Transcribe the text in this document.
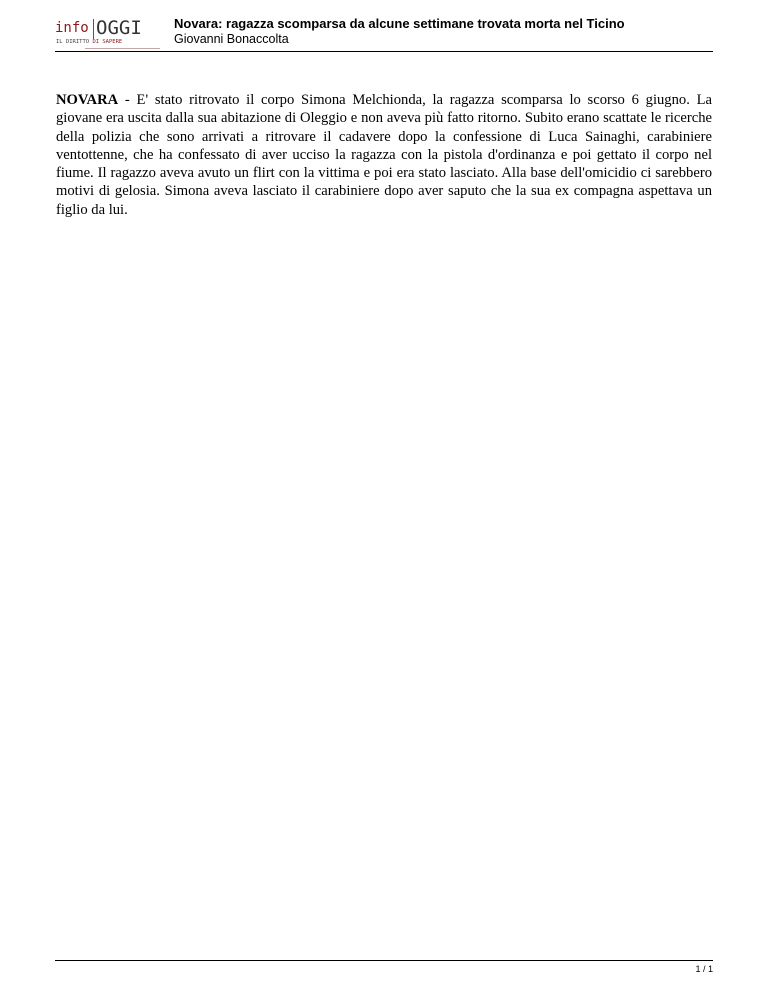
info OGGI
IL DIRITTO DI SAPERE
Novara: ragazza scomparsa da alcune settimane trovata morta nel Ticino
Giovanni Bonaccolta
NOVARA - E' stato ritrovato il corpo Simona Melchionda, la ragazza scomparsa lo scorso 6 giugno. La giovane era uscita dalla sua abitazione di Oleggio e non aveva più fatto ritorno. Subito erano scattate le ricerche della polizia che sono arrivati a ritrovare il cadavere dopo la confessione di Luca Sainaghi, carabiniere ventottenne, che ha confessato di aver ucciso la ragazza con la pistola d'ordinanza e poi gettato il corpo nel fiume. Il ragazzo aveva avuto un flirt con la vittima e poi era stato lasciato. Alla base dell'omicidio ci sarebbero motivi di gelosia. Simona aveva lasciato il carabiniere dopo aver saputo che la sua ex compagna aspettava un figlio da lui.
1 / 1
